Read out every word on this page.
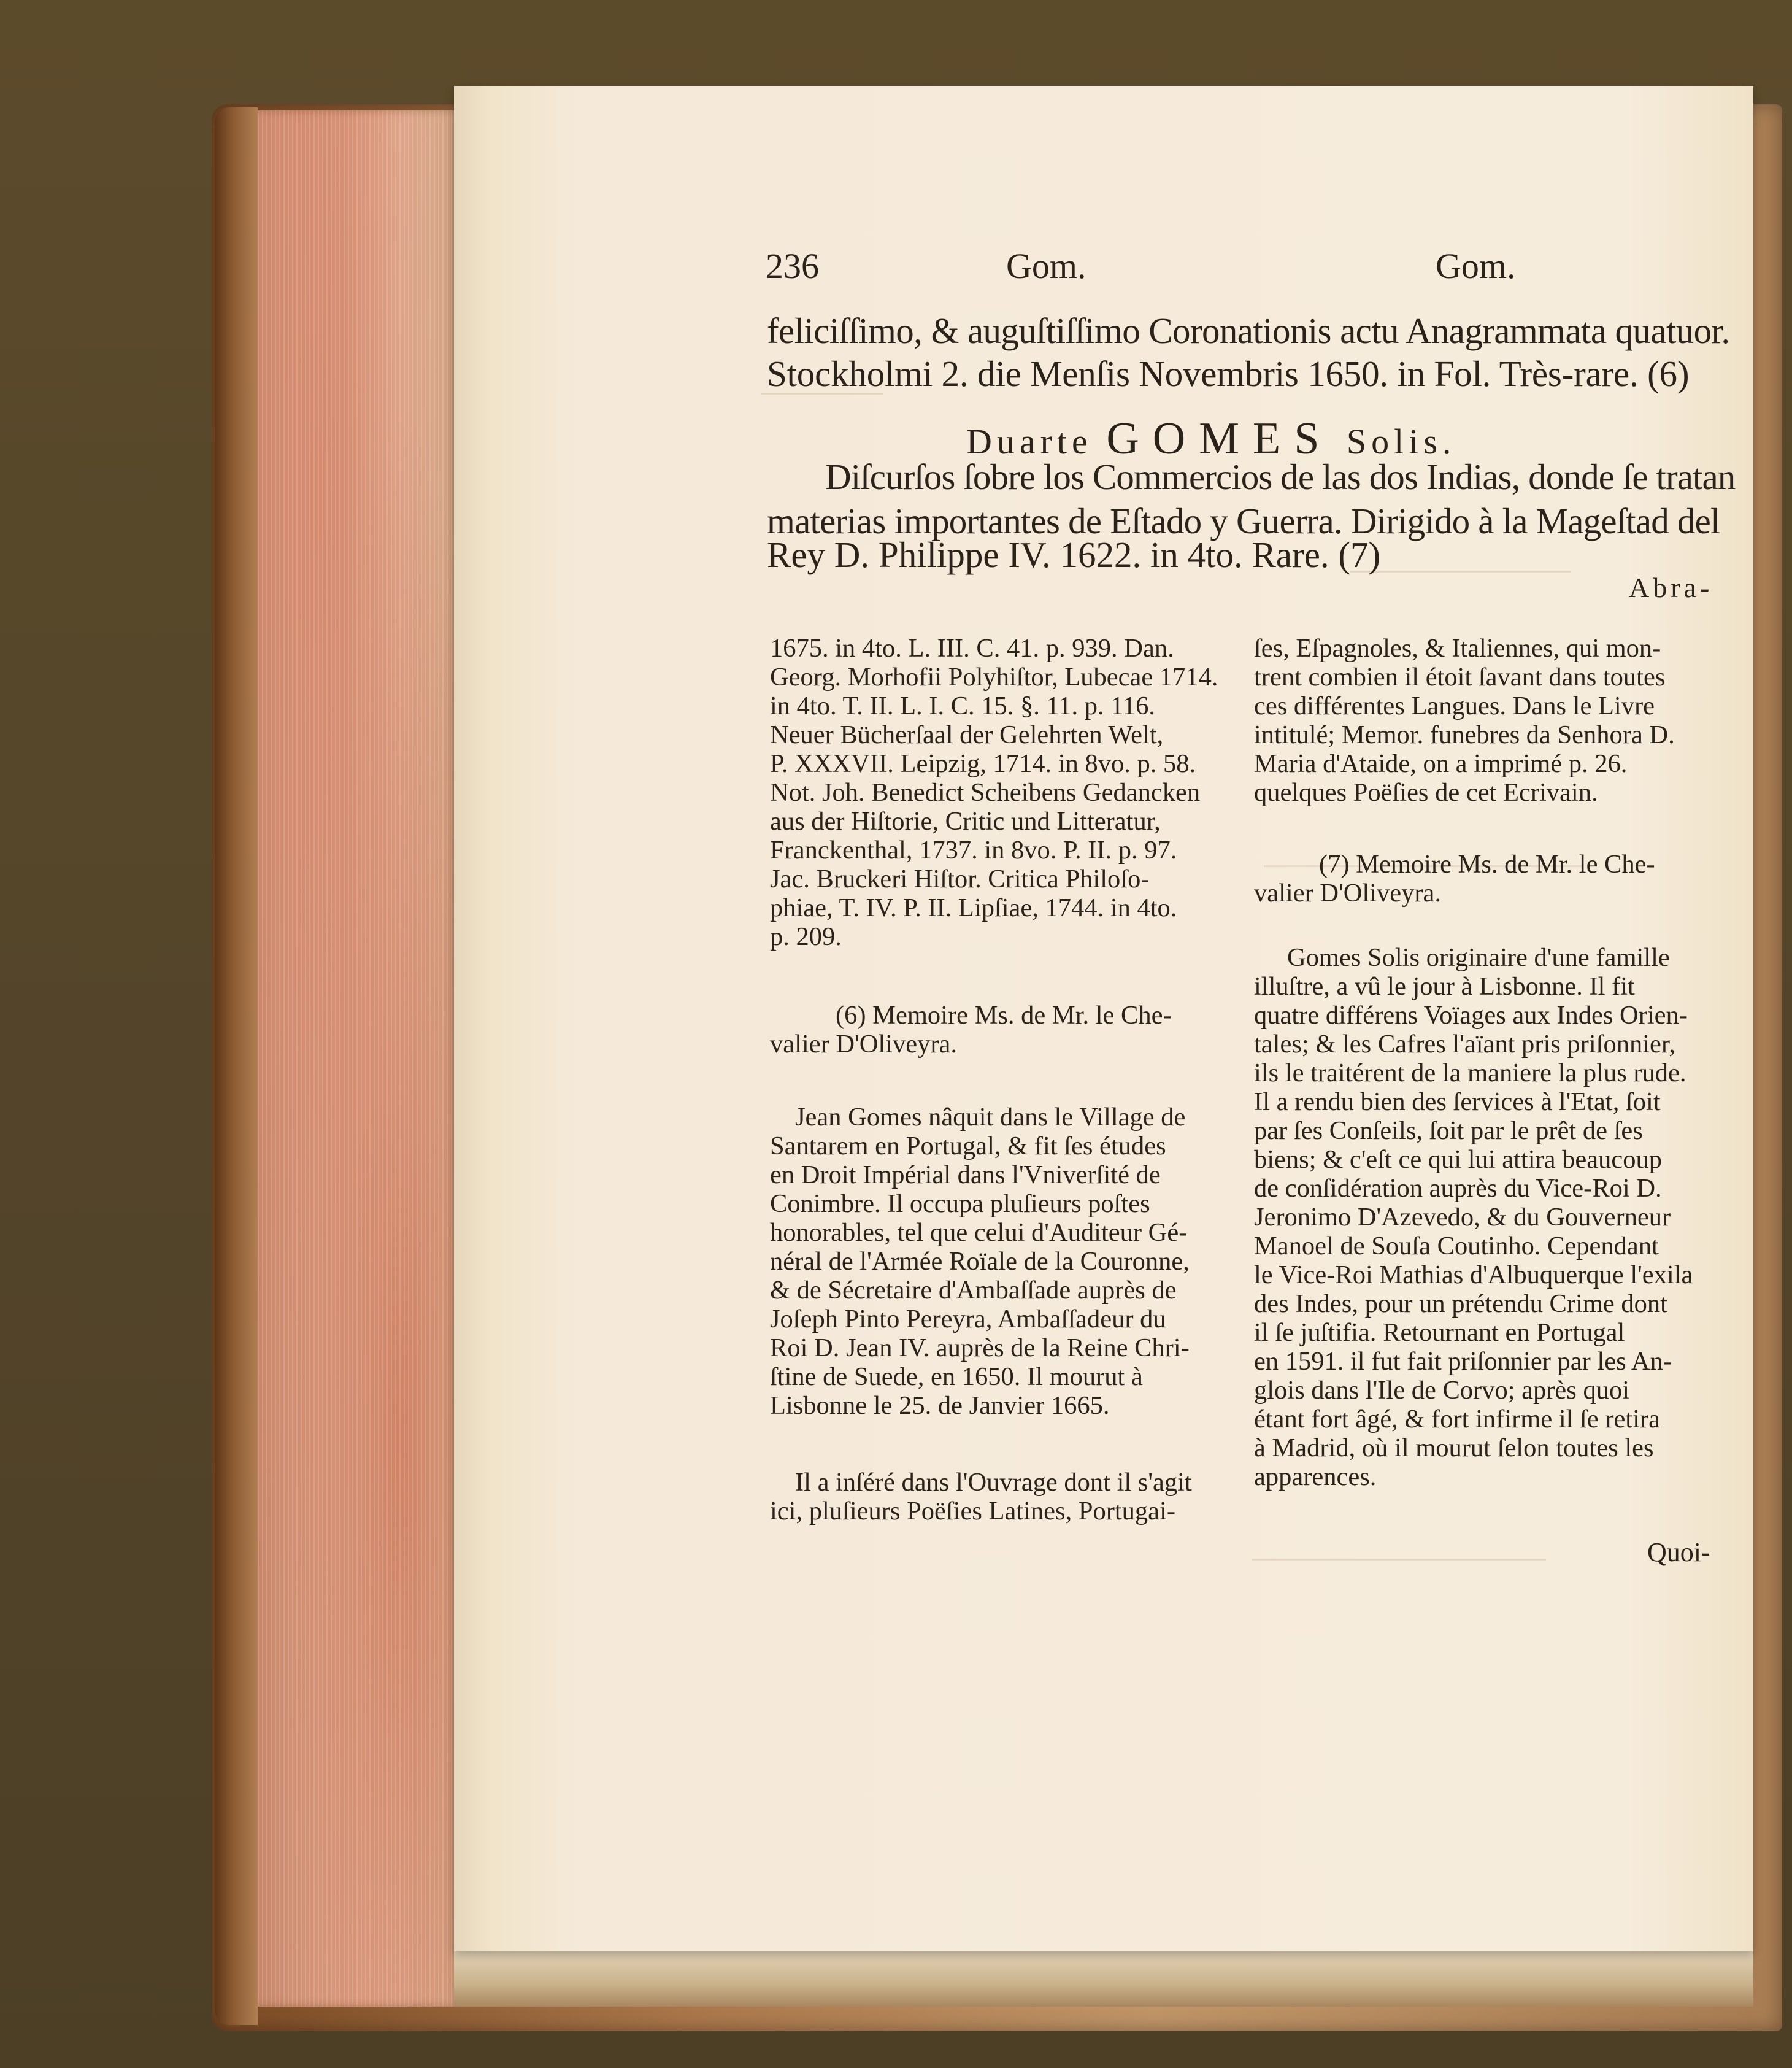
236	Gom.	Gom.
feliciſſimo, & auguſtiſſimo Coronationis actu Anagrammata quatuor.
Stockholmi 2. die Menſis Novembris 1650. in Fol. Très-rare. (6)
Duarte GOMES Solis.
Diſcurſos ſobre los Commercios de las dos Indias, donde ſe tratan
materias importantes de Eſtado y Guerra. Dirigido à la Mageſtad del
Rey D. Philippe IV. 1622. in 4to. Rare. (7)
Abra-
1675. in 4to. L. III. C. 41. p. 939. Dan.
Georg. Morhofii Polyhiſtor, Lubecae 1714.
in 4to. T. II. L. I. C. 15. §. 11. p. 116.
Neuer Bücherſaal der Gelehrten Welt,
P. XXXVII. Leipzig, 1714. in 8vo. p. 58.
Not. Joh. Benedict Scheibens Gedancken
aus der Hiſtorie, Critic und Litteratur,
Franckenthal, 1737. in 8vo. P. II. p. 97.
Jac. Bruckeri Hiſtor. Critica Philoſo-
phiae, T. IV. P. II. Lipſiae, 1744. in 4to.
p. 209.
(6) Memoire Ms. de Mr. le Che-
valier D'Oliveyra.
Jean Gomes nâquit dans le Village de
Santarem en Portugal, & fit ſes études
en Droit Impérial dans l'Vniverſité de
Conimbre. Il occupa pluſieurs poſtes
honorables, tel que celui d'Auditeur Gé-
néral de l'Armée Roïale de la Couronne,
& de Sécretaire d'Ambaſſade auprès de
Joſeph Pinto Pereyra, Ambaſſadeur du
Roi D. Jean IV. auprès de la Reine Chri-
ſtine de Suede, en 1650. Il mourut à
Lisbonne le 25. de Janvier 1665.
Il a inſéré dans l'Ouvrage dont il s'agit
ici, pluſieurs Poëſies Latines, Portugai-
ſes, Eſpagnoles, & Italiennes, qui mon-
trent combien il étoit ſavant dans toutes
ces différentes Langues. Dans le Livre
intitulé; Memor. funebres da Senhora D.
Maria d'Ataide, on a imprimé p. 26.
quelques Poëſies de cet Ecrivain.
(7) Memoire Ms. de Mr. le Che-
valier D'Oliveyra.
Gomes Solis originaire d'une famille
illuſtre, a vû le jour à Lisbonne. Il fit
quatre différens Voïages aux Indes Orien-
tales; & les Cafres l'aïant pris priſonnier,
ils le traitérent de la maniere la plus rude.
Il a rendu bien des ſervices à l'Etat, ſoit
par ſes Conſeils, ſoit par le prêt de ſes
biens; & c'eſt ce qui lui attira beaucoup
de conſidération auprès du Vice-Roi D.
Jeronimo D'Azevedo, & du Gouverneur
Manoel de Souſa Coutinho. Cependant
le Vice-Roi Mathias d'Albuquerque l'exila
des Indes, pour un prétendu Crime dont
il ſe juſtifia. Retournant en Portugal
en 1591. il fut fait priſonnier par les An-
glois dans l'Ile de Corvo; après quoi
étant fort âgé, & fort infirme il ſe retira
à Madrid, où il mourut ſelon toutes les
apparences.
Quoi-
